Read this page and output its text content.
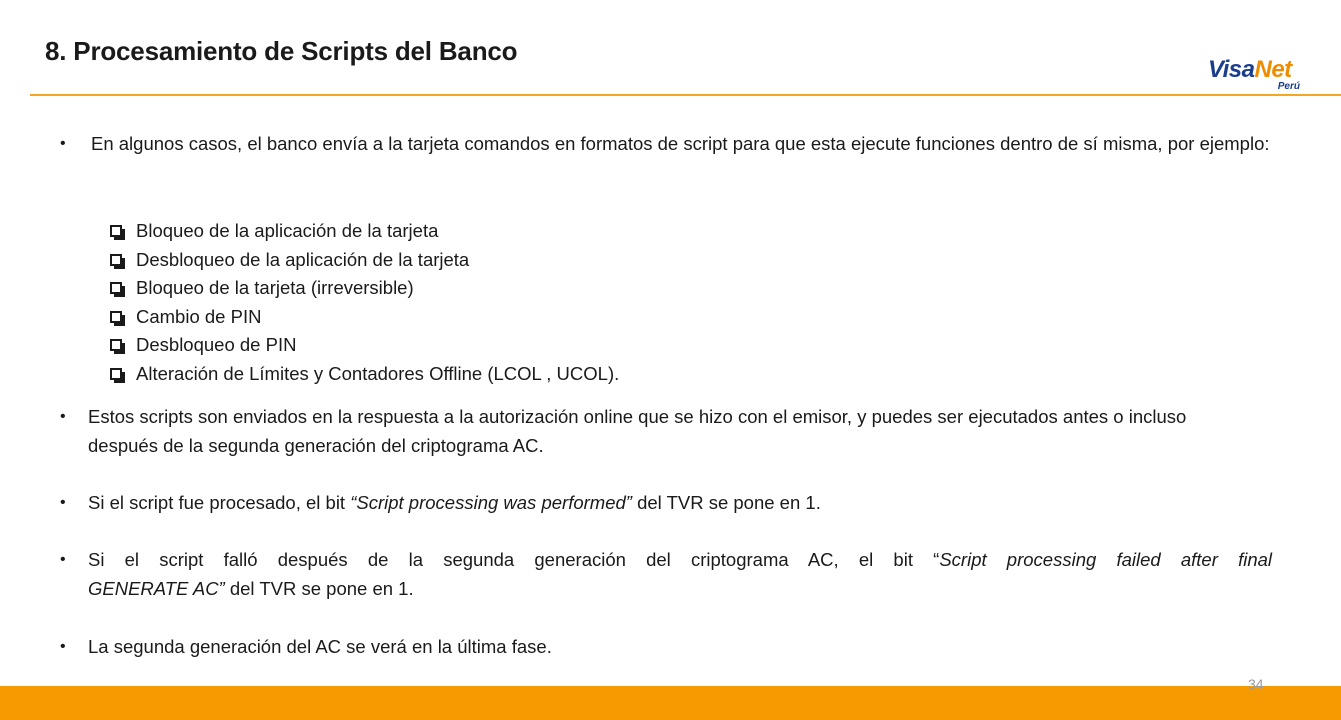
8. Procesamiento de Scripts del Banco
VisaNet
Perú
•	En algunos casos, el banco envía a la tarjeta comandos en formatos de script para que esta ejecute funciones dentro de sí misma, por ejemplo:
Bloqueo de la aplicación de la tarjeta
Desbloqueo de la aplicación de la tarjeta
Bloqueo de la tarjeta (irreversible)
Cambio de PIN
Desbloqueo de PIN
Alteración de Límites y Contadores Offline (LCOL , UCOL).
•	Estos scripts son enviados en la respuesta a la autorización online que se hizo con el emisor, y puedes ser ejecutados antes o incluso después de la segunda generación del criptograma AC.
•	Si el script fue procesado, el bit “Script processing was performed” del TVR se pone en 1.
•	Si el script falló después de la segunda generación del criptograma AC, el bit “Script processing failed after final
GENERATE AC” del TVR se pone en 1.
•	La segunda generación del AC se verá en la última fase.
34
